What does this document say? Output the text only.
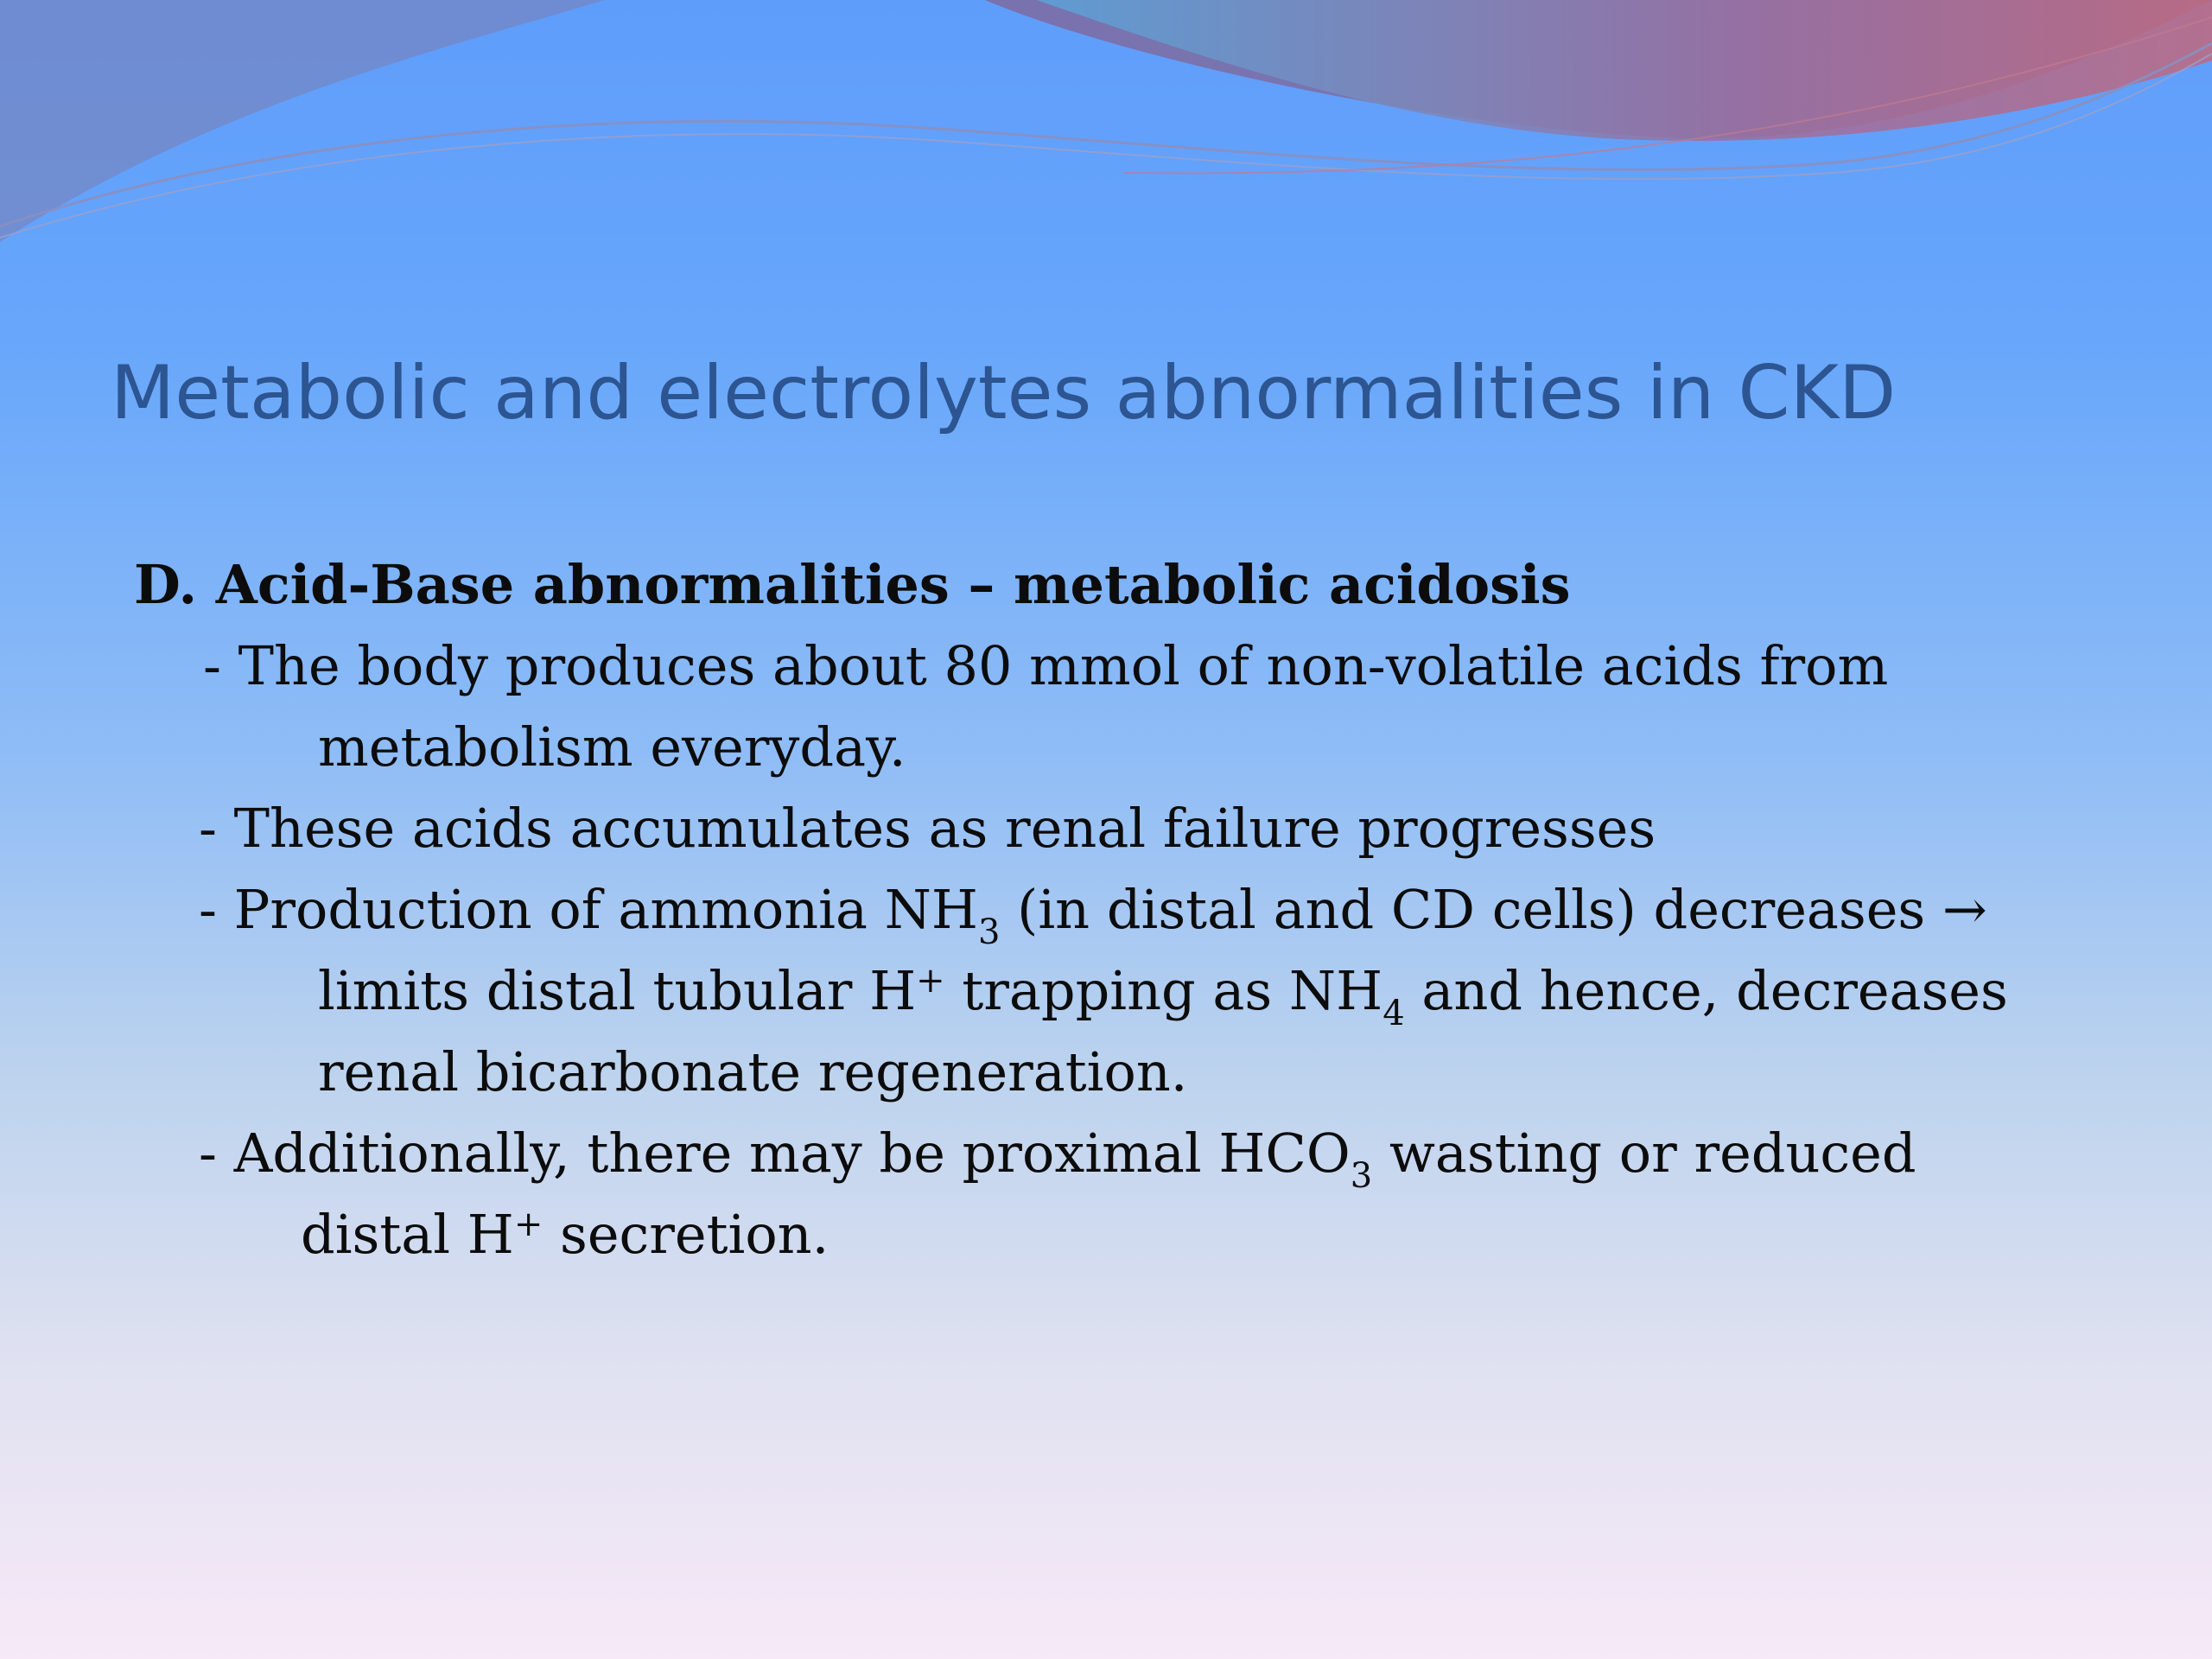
Metabolic and electrolytes abnormalities in CKD
D. Acid-Base abnormalities – metabolic acidosis
- The body produces about 80 mmol of non-volatile acids from
metabolism everyday.
- These acids accumulates as renal failure progresses
- Production of ammonia $NH_3$ (in distal and CD cells) decreases →
limits distal tubular H+ trapping as $NH_4$ and hence, decreases
renal bicarbonate regeneration.
- Additionally, there may be proximal $HCO_3$ wasting or reduced
distal H+ secretion.
